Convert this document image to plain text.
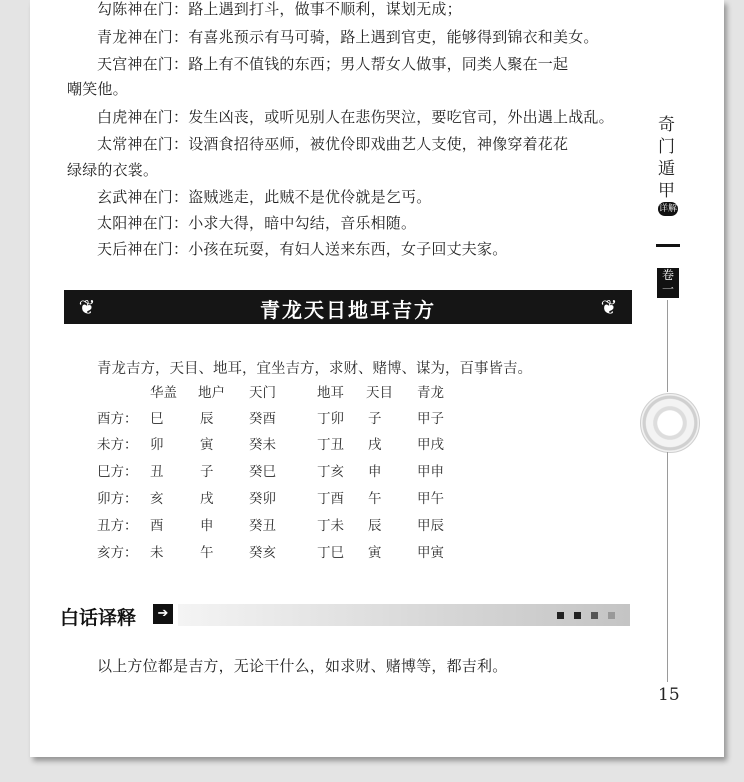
勾陈神在门：路上遇到打斗，做事不顺利，谋划无成；
青龙神在门：有喜兆预示有马可骑，路上遇到官吏，能够得到锦衣和美女。
天宫神在门：路上有不值钱的东西；男人帮女人做事，同类人聚在一起
嘲笑他。
白虎神在门：发生凶丧，或听见别人在悲伤哭泣，要吃官司，外出遇上战乱。
太常神在门：设酒食招待巫师，被优伶即戏曲艺人支使，神像穿着花花
绿绿的衣裳。
玄武神在门：盗贼逃走，此贼不是优伶就是乞丐。
太阳神在门：小求大得，暗中勾结，音乐相随。
天后神在门：小孩在玩耍，有妇人送来东西，女子回丈夫家。
❦	青龙天日地耳吉方	❦
青龙吉方，天目、地耳，宜坐吉方，求财、赌博、谋为，百事皆吉。
华盖 地户 天门	地耳 天目 青龙
酉方： 巳	辰	癸酉	丁卯 子	甲子
未方： 卯	寅	癸未	丁丑 戌	甲戌
巳方： 丑	子	癸巳	丁亥 申	甲申
卯方： 亥	戌	癸卯	丁酉 午	甲午
丑方： 酉	申	癸丑	丁未 辰	甲辰
亥方： 未	午	癸亥	丁巳 寅	甲寅
白话译释	➔
以上方位都是吉方，无论干什么，如求财、赌博等，都吉利。
奇
门
遁
甲
详解
卷
一
15
